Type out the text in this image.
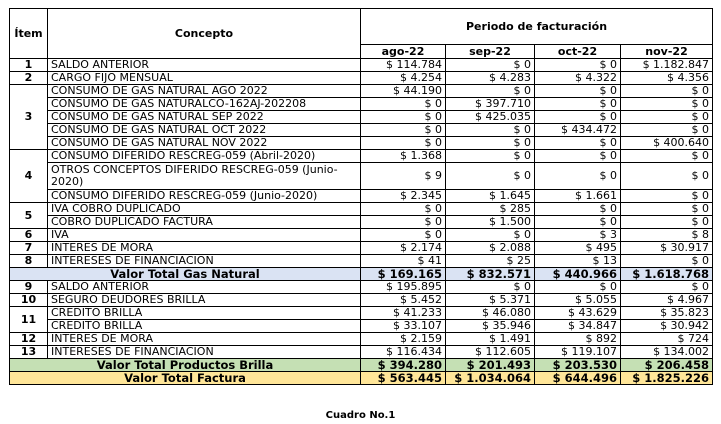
Ítem	Concepto	Periodo de facturación			
		ago-22	sep-22	oct-22	nov-22
1	SALDO ANTERIOR	$ 114.784	$ 0	$ 0	$ 1.182.847
2	CARGO FIJO MENSUAL	$ 4.254	$ 4.283	$ 4.322	$ 4.356
3	CONSUMO DE GAS NATURAL AGO 2022	$ 44.190	$ 0	$ 0	$ 0
	CONSUMO DE GAS NATURALCO-162AJ-202208	$ 0	$ 397.710	$ 0	$ 0
	CONSUMO DE GAS NATURAL SEP 2022	$ 0	$ 425.035	$ 0	$ 0
	CONSUMO DE GAS NATURAL OCT 2022	$ 0	$ 0	$ 434.472	$ 0
	CONSUMO DE GAS NATURAL NOV 2022	$ 0	$ 0	$ 0	$ 400.640
4	CONSUMO DIFERIDO RESCREG-059 (Abril-2020)	$ 1.368	$ 0	$ 0	$ 0
	OTROS CONCEPTOS DIFERIDO RESCREG-059 (Junio-2020)	$ 9	$ 0	$ 0	$ 0
	CONSUMO DIFERIDO RESCREG-059 (Junio-2020)	$ 2.345	$ 1.645	$ 1.661	$ 0
5	IVA COBRO DUPLICADO	$ 0	$ 285	$ 0	$ 0
	COBRO DUPLICADO FACTURA	$ 0	$ 1.500	$ 0	$ 0
6	IVA	$ 0	$ 0	$ 3	$ 8
7	INTERES DE MORA	$ 2.174	$ 2.088	$ 495	$ 30.917
8	INTERESES DE FINANCIACION	$ 41	$ 25	$ 13	$ 0
Valor Total Gas Natural		$ 169.165	$ 832.571	$ 440.966	$ 1.618.768
9	SALDO ANTERIOR	$ 195.895	$ 0	$ 0	$ 0
10	SEGURO DEUDORES BRILLA	$ 5.452	$ 5.371	$ 5.055	$ 4.967
11	CREDITO BRILLA	$ 41.233	$ 46.080	$ 43.629	$ 35.823
	CREDITO BRILLA	$ 33.107	$ 35.946	$ 34.847	$ 30.942
12	INTERES DE MORA	$ 2.159	$ 1.491	$ 892	$ 724
13	INTERESES DE FINANCIACION	$ 116.434	$ 112.605	$ 119.107	$ 134.002
Valor Total Productos Brilla		$ 394.280	$ 201.493	$ 203.530	$ 206.458
Valor Total Factura		$ 563.445	$ 1.034.064	$ 644.496	$ 1.825.226
Cuadro No.1
